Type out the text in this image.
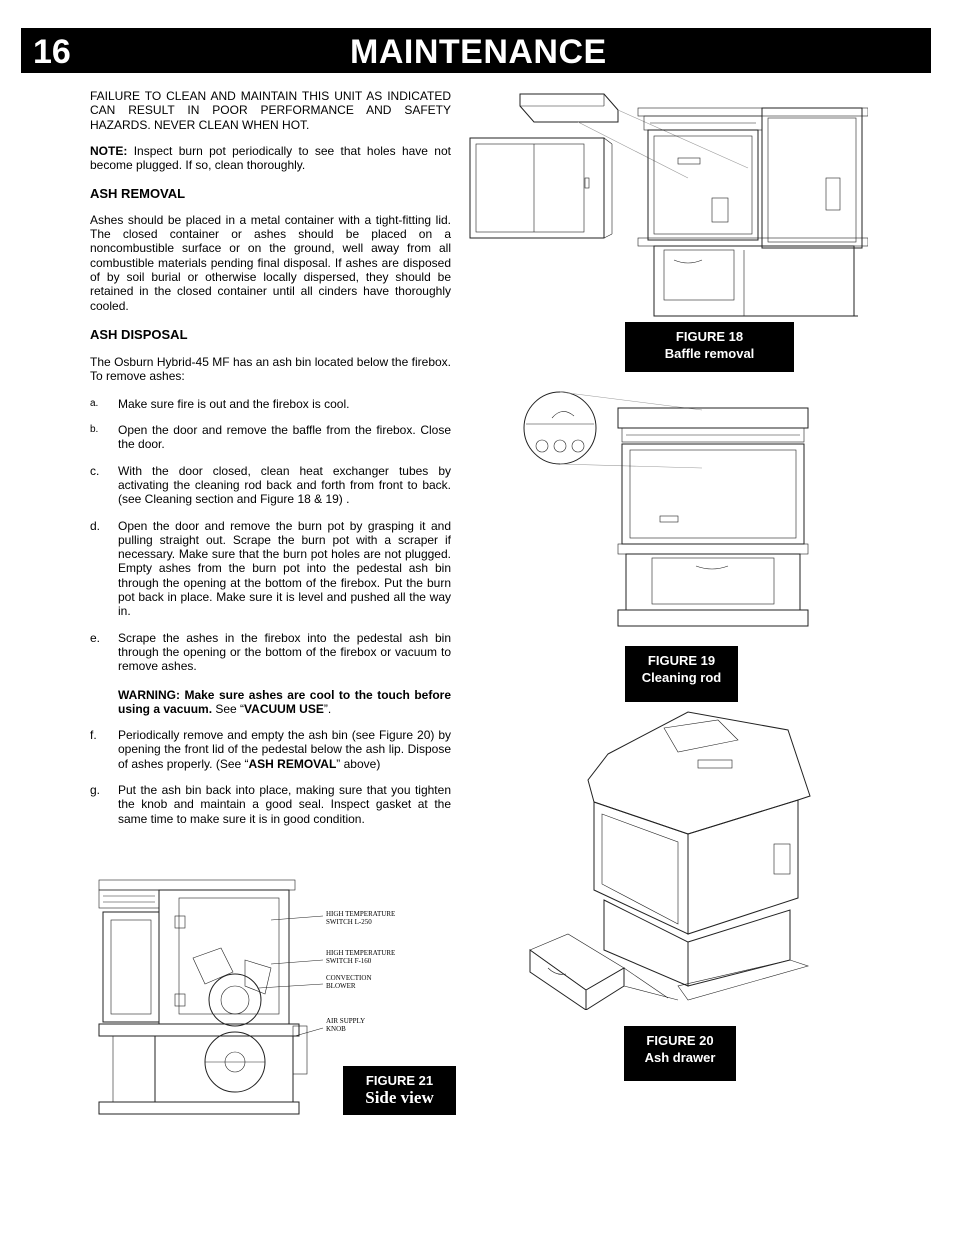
16	MAINTENANCE

FAILURE TO CLEAN AND MAINTAIN THIS UNIT AS INDICATED CAN RESULT IN POOR PERFORMANCE AND SAFETY HAZARDS. NEVER CLEAN WHEN HOT.

NOTE: Inspect burn pot periodically to see that holes have not become plugged. If so, clean thoroughly.

ASH REMOVAL

Ashes should be placed in a metal container with a tight-fitting lid. The closed container or ashes should be placed on a noncombustible surface or on the ground, well away from all combustible materials pending final disposal. If ashes are disposed of by soil burial or otherwise locally dispersed, they should be retained in the closed container until all cinders have thoroughly cooled.

ASH DISPOSAL

The Osburn Hybrid-45 MF has an ash bin located below the firebox. To remove ashes:

a. Make sure fire is out and the firebox is cool.
b. Open the door and remove the baffle from the firebox. Close the door.
c. With the door closed, clean heat exchanger tubes by activating the cleaning rod back and forth from front to back. (see Cleaning section and Figure 18 & 19) .
d. Open the door and remove the burn pot by grasping it and pulling straight out. Scrape the burn pot with a scraper if necessary. Make sure that the burn pot holes are not plugged. Empty ashes from the burn pot into the pedestal ash bin through the opening at the bottom of the firebox. Put the burn pot back in place. Make sure it is level and pushed all the way in.
e. Scrape the ashes in the firebox into the pedestal ash bin through the opening or the bottom of the firebox or vacuum to remove ashes.
WARNING: Make sure ashes are cool to the touch before using a vacuum. See “VACUUM USE”.
f. Periodically remove and empty the ash bin (see Figure 20) by opening the front lid of the pedestal below the ash lip. Dispose of ashes properly. (See “ASH REMOVAL” above)
g. Put the ash bin back into place, making sure that you tighten the knob and maintain a good seal. Inspect gasket at the same time to make sure it is in good condition.
FIGURE 18
Baffle removal
FIGURE 19
Cleaning rod
FIGURE 20
Ash drawer
HIGH TEMPERATURE SWITCH L-250
HIGH TEMPERATURE SWITCH F-160
CONVECTION BLOWER
AIR SUPPLY KNOB
FIGURE 21
Side view
